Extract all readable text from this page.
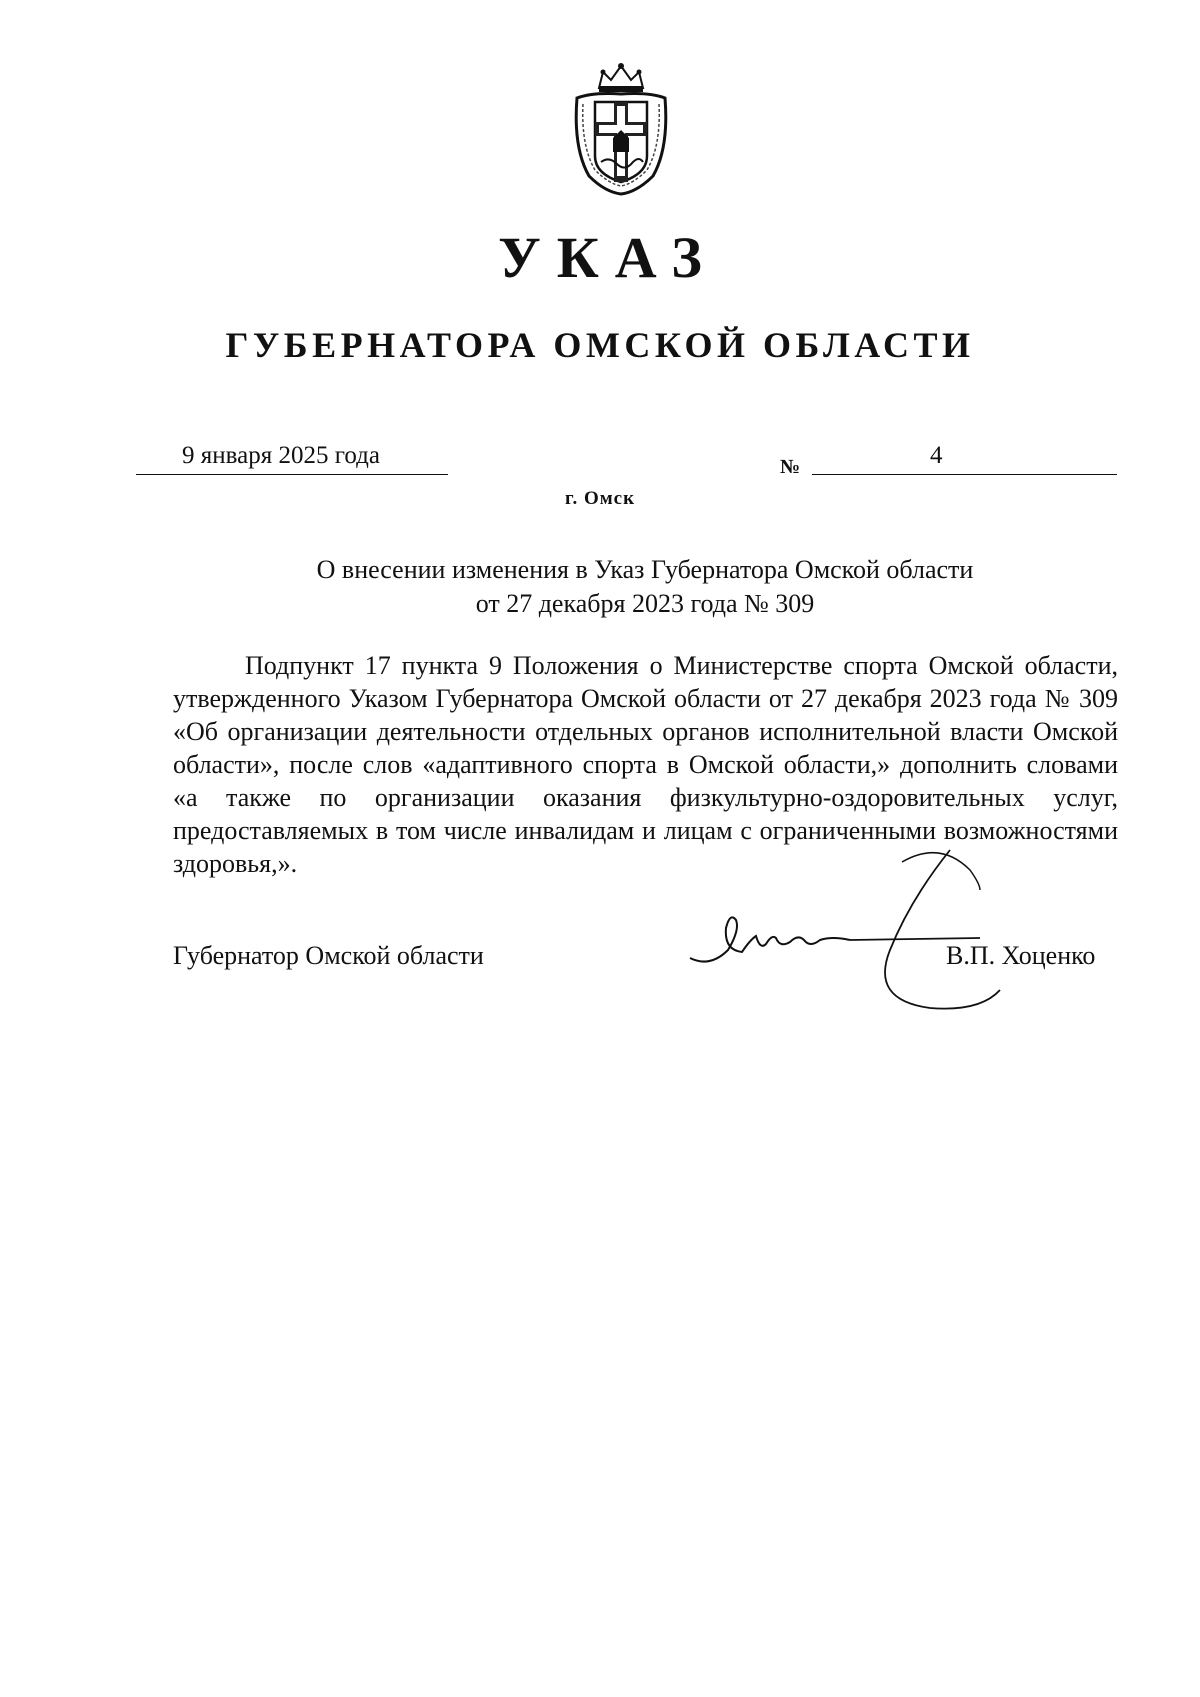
УКАЗ
ГУБЕРНАТОРА ОМСКОЙ ОБЛАСТИ
9 января 2025 года	№	4
г. Омск
О внесении изменения в Указ Губернатора Омской области
от 27 декабря 2023 года № 309
Подпункт 17 пункта 9 Положения о Министерстве спорта Омской области, утвержденного Указом Губернатора Омской области от 27 декабря 2023 года № 309 «Об организации деятельности отдельных органов исполнительной власти Омской области», после слов «адаптивного спорта в Омской области,» дополнить словами «а также по организации оказания физкультурно-оздоровительных услуг, предоставляемых в том числе инвалидам и лицам с ограниченными возможностями здоровья,».
Губернатор Омской области	В.П. Хоценко
